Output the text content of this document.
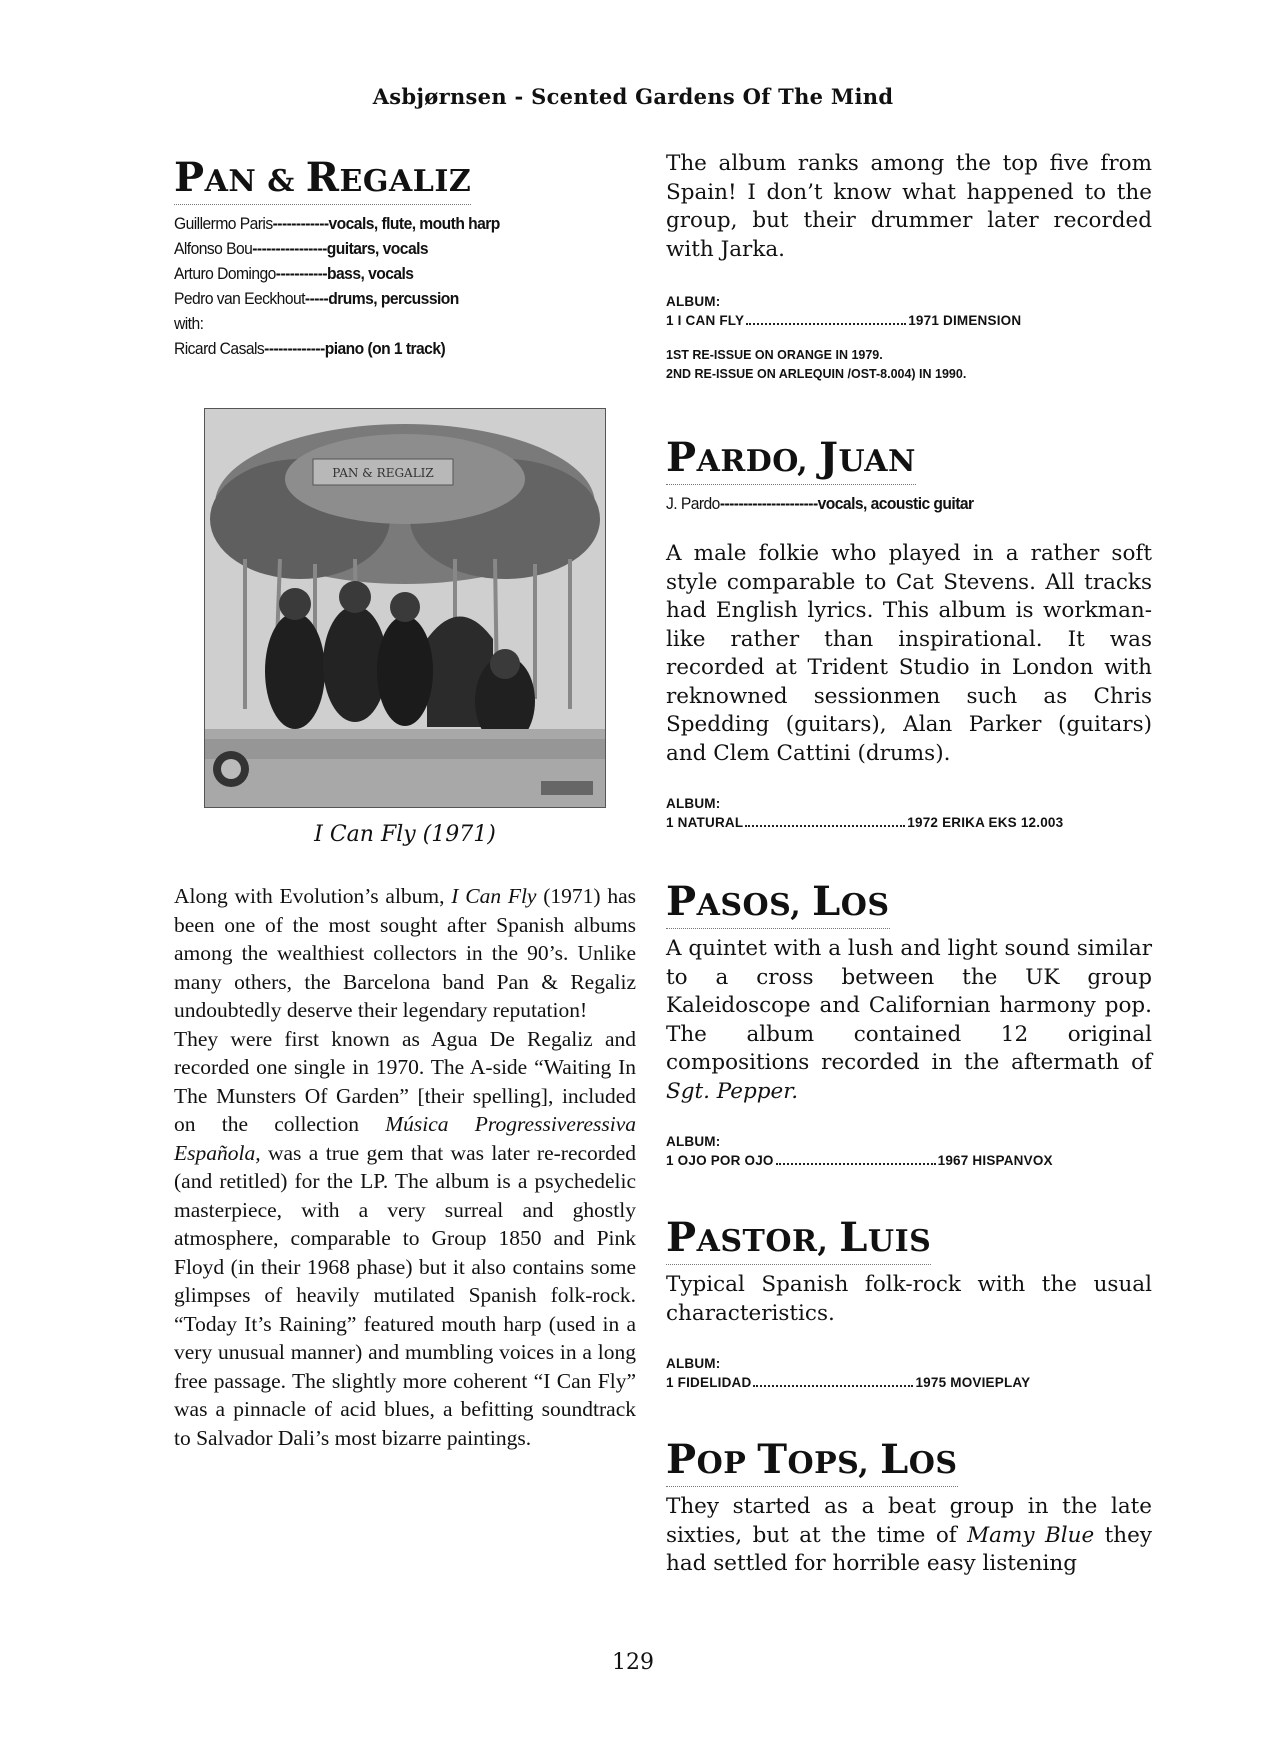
Asbjørnsen - Scented Gardens Of The Mind
PAN & REGALIZ
Guillermo Paris------------vocals, flute, mouth harp
Alfonso Bou----------------guitars, vocals
Arturo Domingo-----------bass, vocals
Pedro van Eeckhout-----drums, percussion
with:
Ricard Casals-------------piano (on 1 track)
PAN & REGALIZ
I Can Fly (1971)

Along with Evolution’s album, I Can Fly (1971) has been one of the most sought after Spanish albums among the wealthiest collectors in the 90’s. Unlike many others, the Barcelona band Pan & Regaliz undoubtedly deserve their legendary reputation!

They were first known as Agua De Regaliz and recorded one single in 1970. The A-side “Waiting In The Munsters Of Garden” [their spelling], included on the collection Música Progressiveressiva Española, was a true gem that was later re-recorded (and retitled) for the LP. The album is a psychedelic masterpiece, with a very surreal and ghostly atmosphere, comparable to Group 1850 and Pink Floyd (in their 1968 phase) but it also contains some glimpses of heavily mutilated Spanish folk-rock. “Today It’s Raining” featured mouth harp (used in a very unusual manner) and mumbling voices in a long free passage. The slightly more coherent “I Can Fly” was a pinnacle of acid blues, a befitting soundtrack to Salvador Dali’s most bizarre paintings.

The album ranks among the top five from Spain! I don’t know what happened to the group, but their drummer later recorded with Jarka.

ALBUM:
1 I CAN FLY	1971 DIMENSION
1ST RE-ISSUE ON ORANGE IN 1979.
2ND RE-ISSUE ON ARLEQUIN /OST-8.004) IN 1990.
PARDO, JUAN
J. Pardo---------------------vocals, acoustic guitar

A male folkie who played in a rather soft style comparable to Cat Stevens. All tracks had English lyrics. This album is workman-like rather than inspirational. It was recorded at Trident Studio in London with reknowned sessionmen such as Chris Spedding (guitars), Alan Parker (guitars) and Clem Cattini (drums).

ALBUM:
1 NATURAL	1972 ERIKA EKS 12.003
PASOS, LOS

A quintet with a lush and light sound similar to a cross between the UK group Kaleidoscope and Californian harmony pop. The album contained 12 original compositions recorded in the aftermath of Sgt. Pepper.

ALBUM:
1 OJO POR OJO	1967 HISPANVOX
PASTOR, LUIS

Typical Spanish folk-rock with the usual characteristics.

ALBUM:
1 FIDELIDAD	1975 MOVIEPLAY
POP TOPS, LOS

They started as a beat group in the late sixties, but at the time of Mamy Blue they had settled for horrible easy listening

129
